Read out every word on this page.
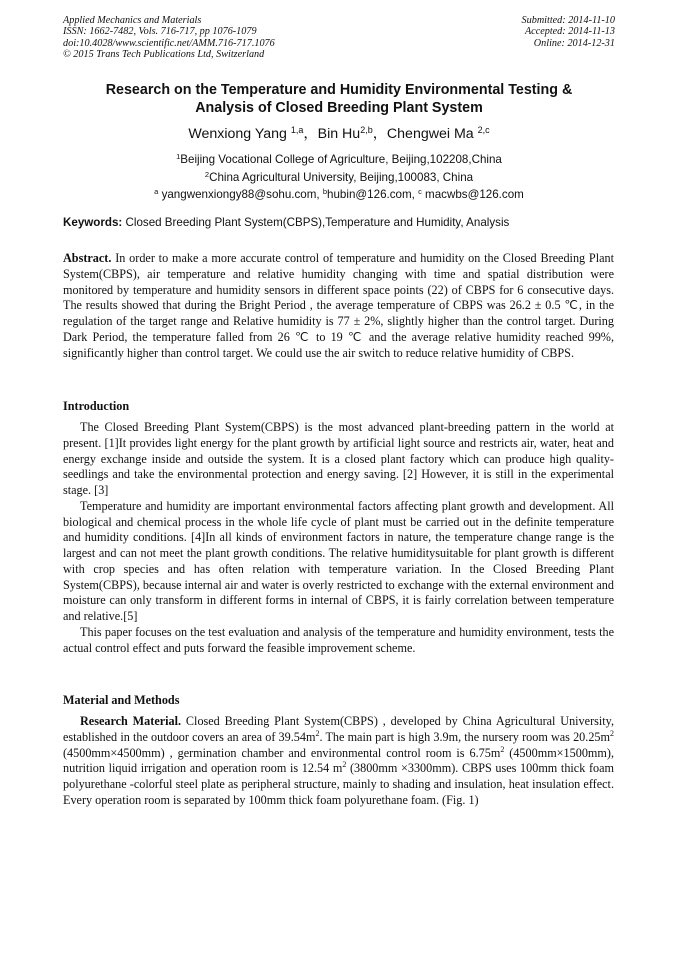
Applied Mechanics and Materials
ISSN: 1662-7482, Vols. 716-717, pp 1076-1079
doi:10.4028/www.scientific.net/AMM.716-717.1076
© 2015 Trans Tech Publications Ltd, Switzerland
Submitted: 2014-11-10
Accepted: 2014-11-13
Online: 2014-12-31
Research on the Temperature and Humidity Environmental Testing &
Analysis of Closed Breeding Plant System
Wenxiong Yang $^{1,a}$，Bin Hu$^{2,b}$，Chengwei Ma $^{2,c}$
$^1$Beijing Vocational College of Agriculture, Beijing,102208,China
$^2$China Agricultural University, Beijing,100083, China
$^a$ yangwenxiongy88@sohu.com, $^b$hubin@126.com, $^c$ macwbs@126.com
Keywords: Closed Breeding Plant System(CBPS),Temperature and Humidity, Analysis
Abstract. In order to make a more accurate control of temperature and humidity on the Closed Breeding Plant System(CBPS), air temperature and relative humidity changing with time and spatial distribution were monitored by temperature and humidity sensors in different space points (22) of CBPS for 6 consecutive days. The results showed that during the Bright Period , the average temperature of CBPS was 26.2 ± 0.5 ℃, in the regulation of the target range and Relative humidity is 77 ± 2%, slightly higher than the control target. During Dark Period, the temperature falled from 26 ℃ to 19 ℃ and the average relative humidity reached 99%, significantly higher than control target. We could use the air switch to reduce relative humidity of CBPS.
Introduction

The Closed Breeding Plant System(CBPS) is the most advanced plant-breeding pattern in the world at present. [1]It provides light energy for the plant growth by artificial light source and restricts air, water, heat and energy exchange inside and outside the system. It is a closed plant factory which can produce high quality- seedlings and take the environmental protection and energy saving. [2] However, it is still in the experimental stage. [3]

Temperature and humidity are important environmental factors affecting plant growth and development. All biological and chemical process in the whole life cycle of plant must be carried out in the definite temperature and humidity conditions. [4]In all kinds of environment factors in nature, the temperature change range is the largest and can not meet the plant growth conditions. The relative humiditysuitable for plant growth is different with crop species and has often relation with temperature variation. In the Closed Breeding Plant System(CBPS), because internal air and water is overly restricted to exchange with the external environment and moisture can only transform in different forms in internal of CBPS, it is fairly correlation between temperature and relative.[5]

This paper focuses on the test evaluation and analysis of the temperature and humidity environment, tests the actual control effect and puts forward the feasible improvement scheme.

Material and Methods
Research Material. Closed Breeding Plant System(CBPS) , developed by China Agricultural University, established in the outdoor covers an area of $39.54m^2$. The main part is high 3.9m, the nursery room was $20.25m^2$ (4500mm×4500mm) , germination chamber and environmental control room is $6.75m^2$ (4500mm×1500mm), nutrition liquid irrigation and operation room is 12.54 $m^2$ (3800mm ×3300mm). CBPS uses 100mm thick foam polyurethane -colorful steel plate as peripheral structure, mainly to shading and insulation, heat insulation effect. Every operation room is separated by 100mm thick foam polyurethane foam. (Fig. 1)
